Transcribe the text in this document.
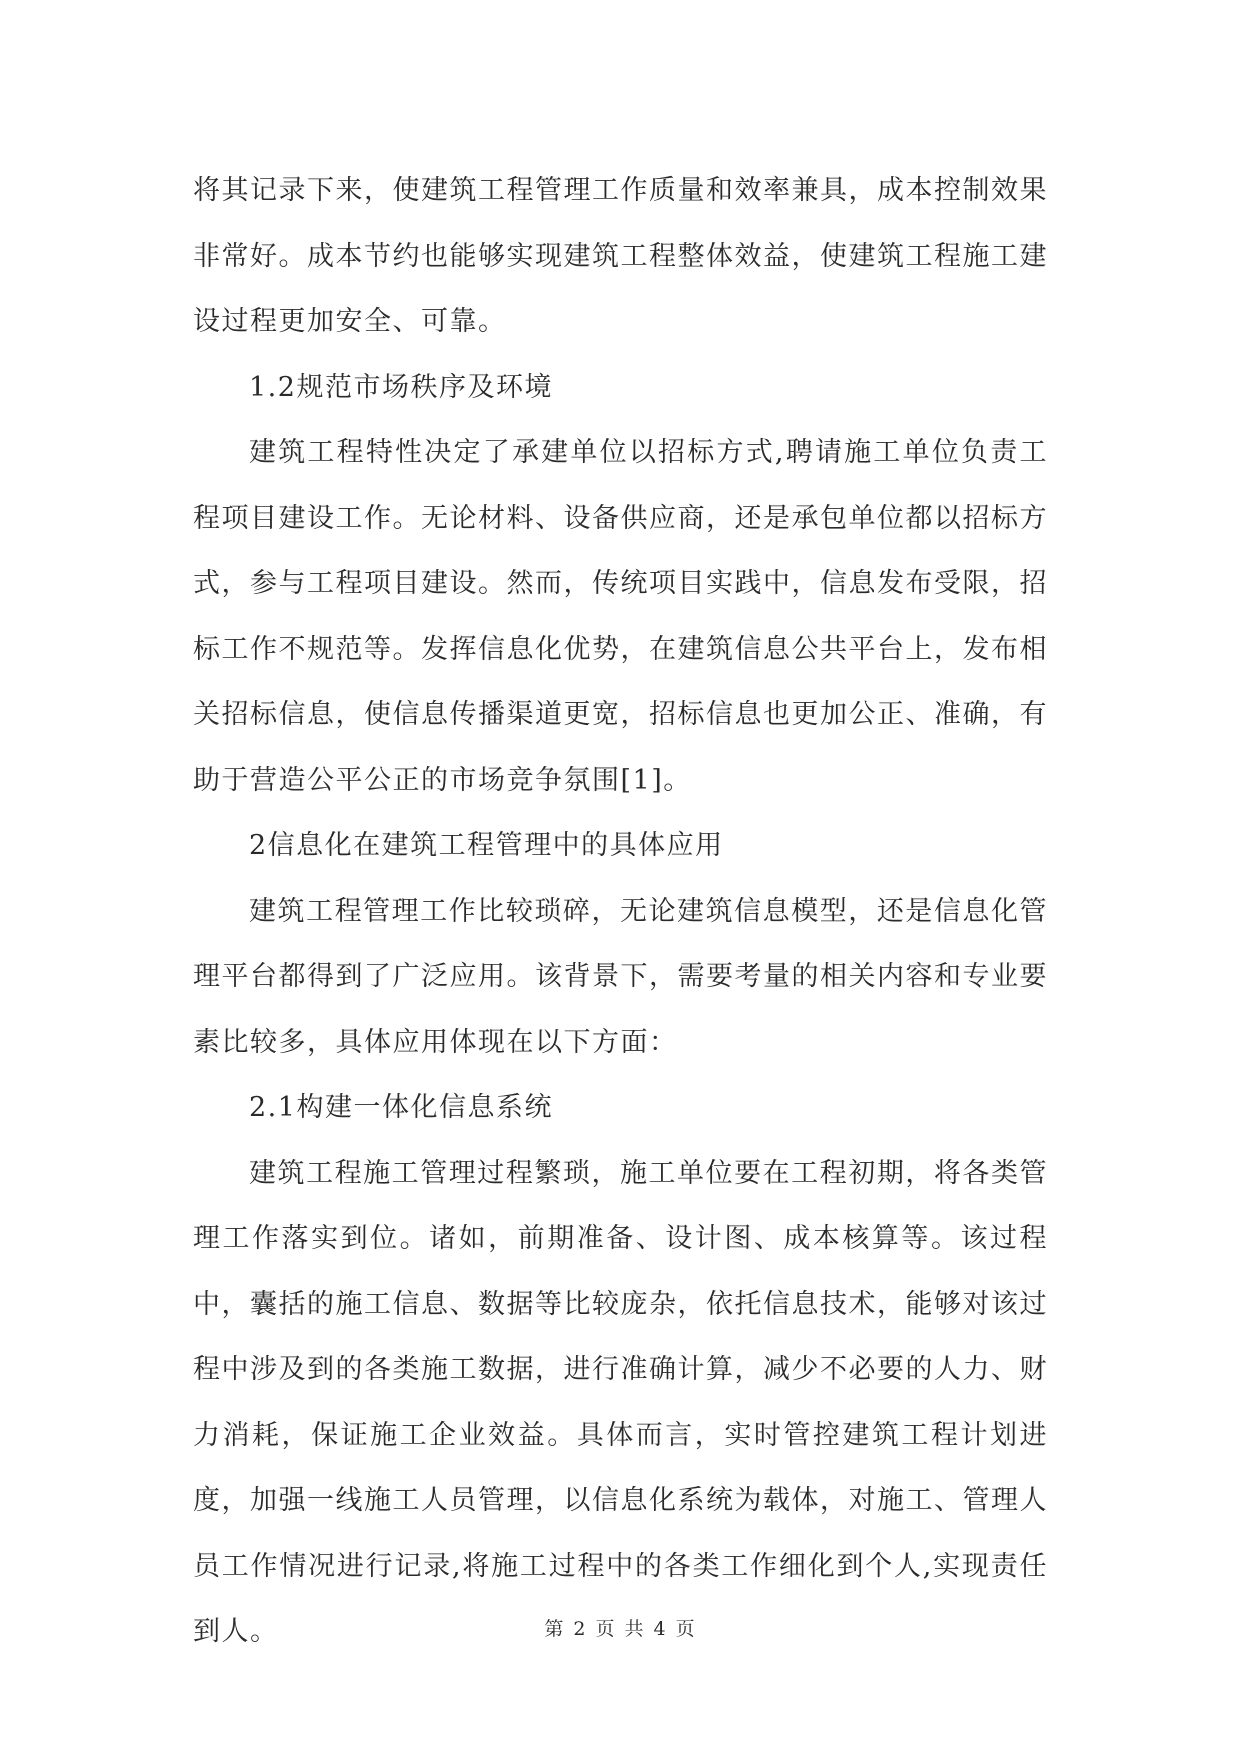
将其记录下来，使建筑工程管理工作质量和效率兼具，成本控制效果非常好。成本节约也能够实现建筑工程整体效益，使建筑工程施工建设过程更加安全、可靠。

1.2规范市场秩序及环境

建筑工程特性决定了承建单位以招标方式,聘请施工单位负责工程项目建设工作。无论材料、设备供应商，还是承包单位都以招标方式，参与工程项目建设。然而，传统项目实践中，信息发布受限，招标工作不规范等。发挥信息化优势，在建筑信息公共平台上，发布相关招标信息，使信息传播渠道更宽，招标信息也更加公正、准确，有助于营造公平公正的市场竞争氛围[1]。

2信息化在建筑工程管理中的具体应用

建筑工程管理工作比较琐碎，无论建筑信息模型，还是信息化管理平台都得到了广泛应用。该背景下，需要考量的相关内容和专业要素比较多，具体应用体现在以下方面：

2.1构建一体化信息系统

建筑工程施工管理过程繁琐，施工单位要在工程初期，将各类管理工作落实到位。诸如，前期准备、设计图、成本核算等。该过程中，囊括的施工信息、数据等比较庞杂，依托信息技术，能够对该过程中涉及到的各类施工数据，进行准确计算，减少不必要的人力、财力消耗，保证施工企业效益。具体而言，实时管控建筑工程计划进度，加强一线施工人员管理，以信息化系统为载体，对施工、管理人员工作情况进行记录,将施工过程中的各类工作细化到个人,实现责任到人。	第 2 页 共 4 页
